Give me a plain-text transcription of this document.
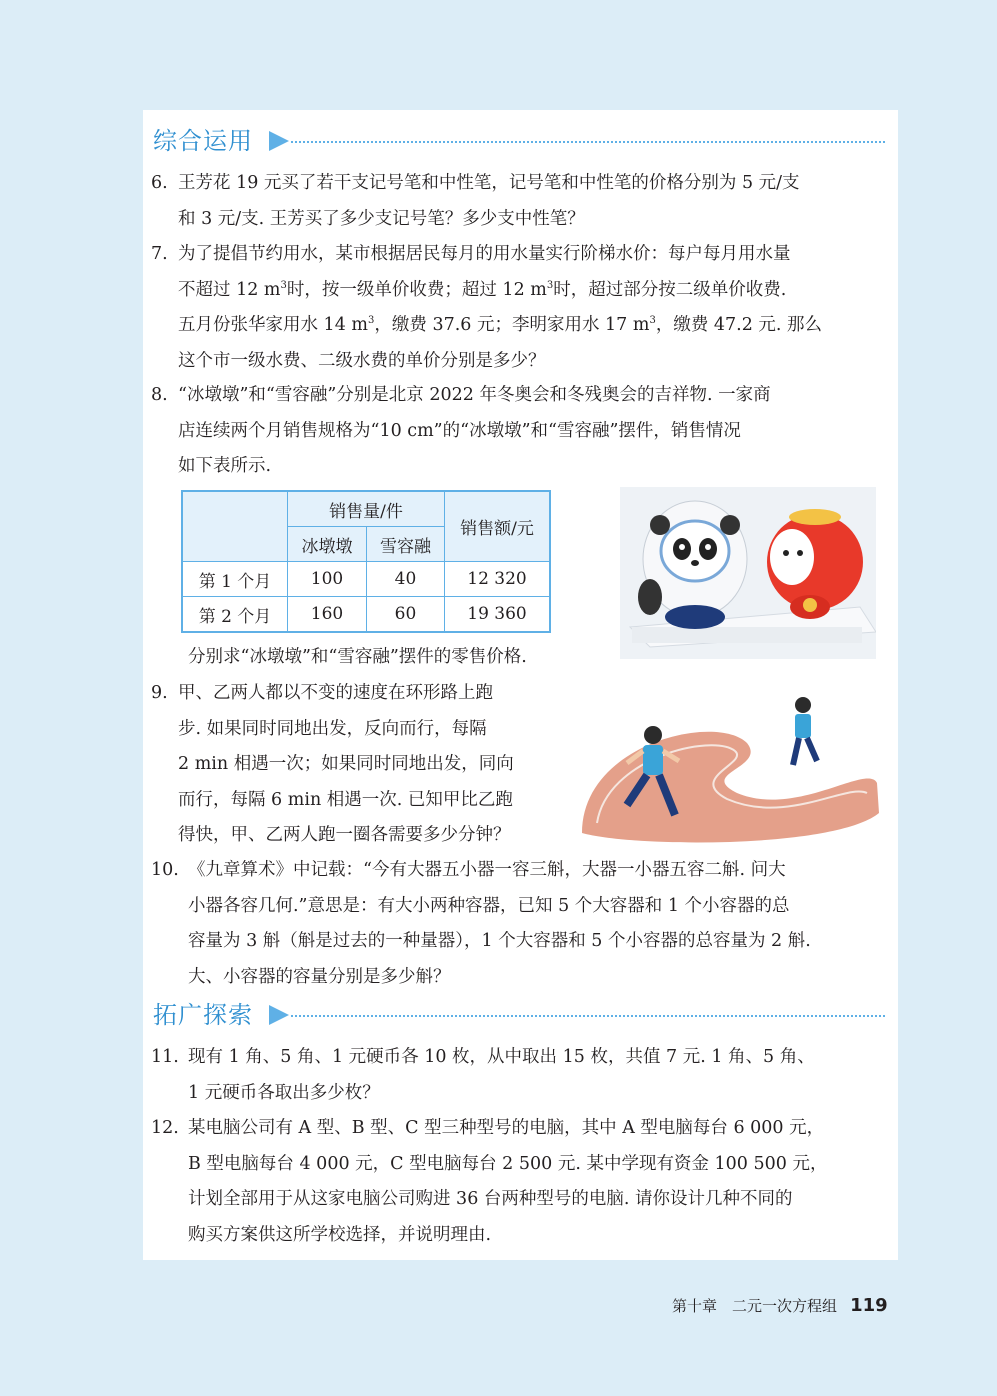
综合运用
6. 王芳花 19 元买了若干支记号笔和中性笔，记号笔和中性笔的价格分别为 5 元/支
和 3 元/支. 王芳买了多少支记号笔？多少支中性笔？
7. 为了提倡节约用水，某市根据居民每月的用水量实行阶梯水价：每户每月用水量
不超过 12 $m^3$时，按一级单价收费；超过 12 $m^3$时，超过部分按二级单价收费.
五月份张华家用水 14 $m^3$，缴费 37.6 元；李明家用水 17 $m^3$，缴费 47.2 元. 那么
这个市一级水费、二级水费的单价分别是多少？
8. “冰墩墩”和“雪容融”分别是北京 2022 年冬奥会和冬残奥会的吉祥物. 一家商
店连续两个月销售规格为“10 cm”的“冰墩墩”和“雪容融”摆件，销售情况
如下表所示.
	销售量/件		销售额/元
	冰墩墩	雪容融	
第 1 个月	100	40	12 320
第 2 个月	160	60	19 360
分别求“冰墩墩”和“雪容融”摆件的零售价格.
9. 甲、乙两人都以不变的速度在环形路上跑
步. 如果同时同地出发，反向而行，每隔
2 min 相遇一次；如果同时同地出发，同向
而行，每隔 6 min 相遇一次. 已知甲比乙跑
得快，甲、乙两人跑一圈各需要多少分钟？
10. 《九章算术》中记载：“今有大器五小器一容三斛，大器一小器五容二斛. 问大
小器各容几何.”意思是：有大小两种容器，已知 5 个大容器和 1 个小容器的总
容量为 3 斛（斛是过去的一种量器），1 个大容器和 5 个小容器的总容量为 2 斛.
大、小容器的容量分别是多少斛？
拓广探索
11. 现有 1 角、5 角、1 元硬币各 10 枚，从中取出 15 枚，共值 7 元. 1 角、5 角、
1 元硬币各取出多少枚？
12. 某电脑公司有 A 型、B 型、C 型三种型号的电脑，其中 A 型电脑每台 6 000 元，
B 型电脑每台 4 000 元，C 型电脑每台 2 500 元. 某中学现有资金 100 500 元，
计划全部用于从这家电脑公司购进 36 台两种型号的电脑. 请你设计几种不同的
购买方案供这所学校选择，并说明理由.
第十章　二元一次方程组 119
